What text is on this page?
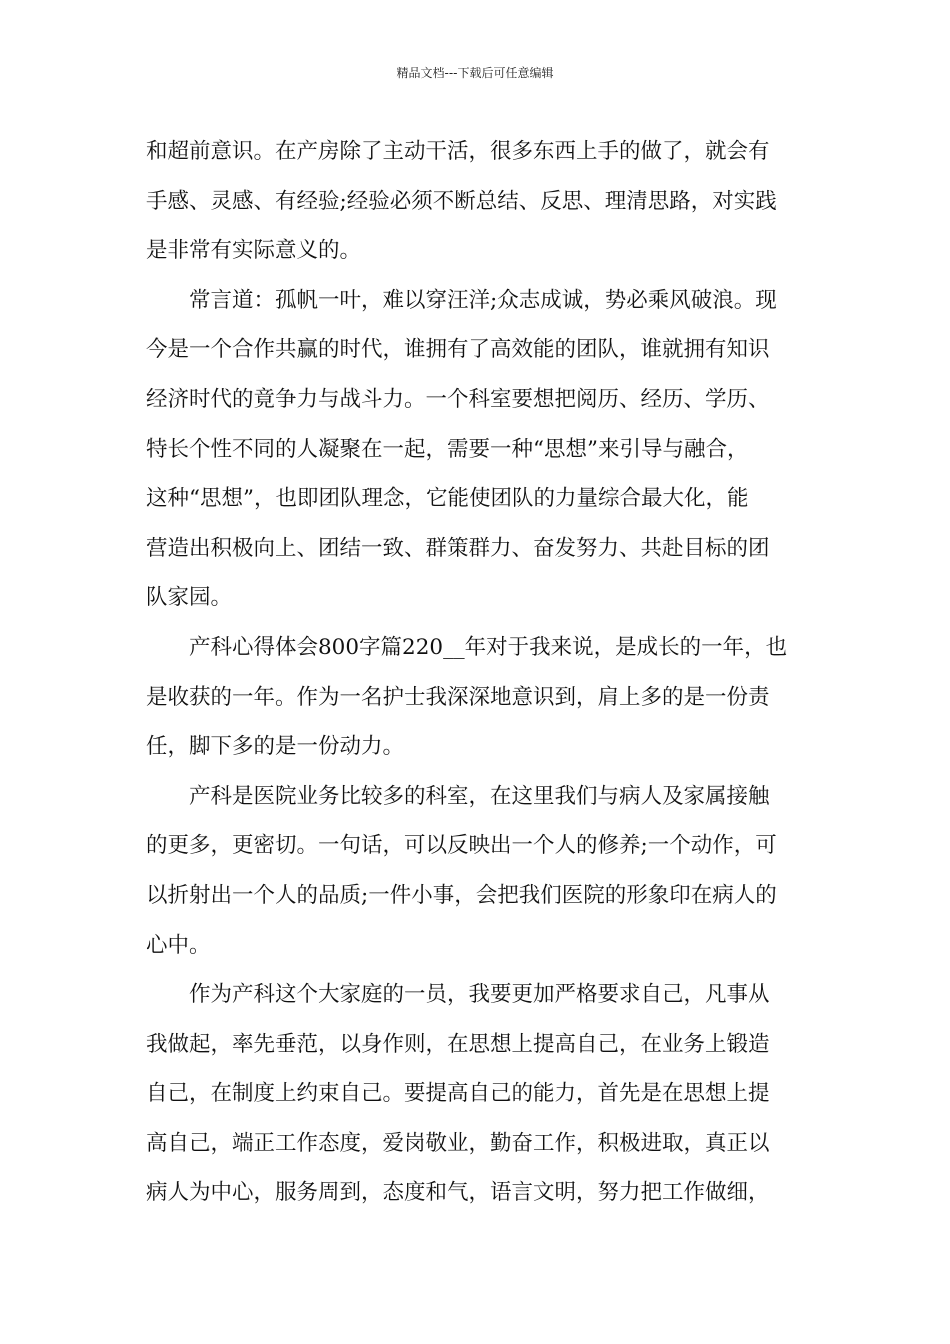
精品文档---下载后可任意编辑
和超前意识。在产房除了主动干活，很多东西上手的做了，就会有
手感、灵感、有经验;经验必须不断总结、反思、理清思路，对实践
是非常有实际意义的。
常言道：孤帆一叶，难以穿汪洋;众志成诚，势必乘风破浪。现
今是一个合作共赢的时代，谁拥有了高效能的团队，谁就拥有知识
经济时代的竟争力与战斗力。一个科室要想把阅历、经历、学历、
特长个性不同的人凝聚在一起，需要一种“思想”来引导与融合，
这种“思想”，也即团队理念，它能使团队的力量综合最大化，能
营造出积极向上、团结一致、群策群力、奋发努力、共赴目标的团
队家园。
产科心得体会800字篇220__年对于我来说，是成长的一年，也
是收获的一年。作为一名护士我深深地意识到，肩上多的是一份责
任，脚下多的是一份动力。
产科是医院业务比较多的科室，在这里我们与病人及家属接触
的更多，更密切。一句话，可以反映出一个人的修养;一个动作，可
以折射出一个人的品质;一件小事，会把我们医院的形象印在病人的
心中。
作为产科这个大家庭的一员，我要更加严格要求自己，凡事从
我做起，率先垂范，以身作则，在思想上提高自己，在业务上锻造
自己，在制度上约束自己。要提高自己的能力，首先是在思想上提
高自己，端正工作态度，爱岗敬业，勤奋工作，积极进取，真正以
病人为中心，服务周到，态度和气，语言文明，努力把工作做细，
